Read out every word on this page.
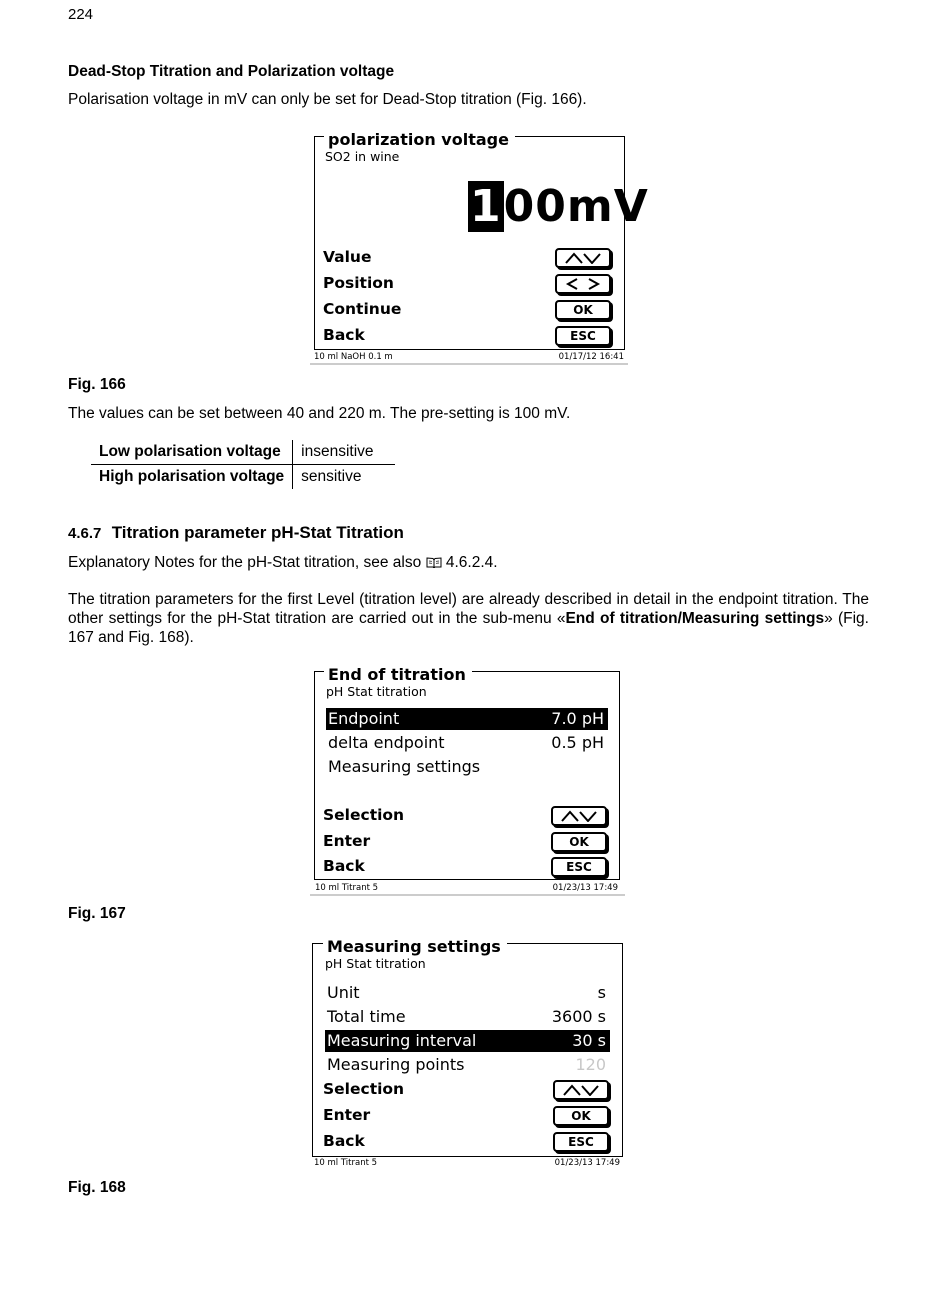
224
Dead-Stop Titration and Polarization voltage
Polarisation voltage in mV can only be set for Dead-Stop titration (Fig. 166).
polarization voltage
SO2 in wine
100mV
Value
Position
Continue	OK
Back	ESC
10 ml NaOH 0.1 m	01/17/12 16:41
Fig. 166
The values can be set between 40 and 220 m. The pre-setting is 100 mV.
Low polarisation voltage	insensitive
High polarisation voltage	sensitive
4.6.7 Titration parameter pH-Stat Titration
Explanatory Notes for the pH-Stat titration, see also 4.6.2.4.
The titration parameters for the first Level (titration level) are already described in detail in the endpoint titration. The other settings for the pH-Stat titration are carried out in the sub-menu «End of titration/Measuring settings» (Fig. 167 and Fig. 168).
End of titration
pH Stat titration
Endpoint	7.0 pH
delta endpoint	0.5 pH
Measuring settings
Selection
Enter	OK
Back	ESC
10 ml Titrant 5	01/23/13 17:49
Fig. 167
Measuring settings
pH Stat titration
Unit	s
Total time	3600 s
Measuring interval	30 s
Measuring points	120
Selection
Enter	OK
Back	ESC
10 ml Titrant 5	01/23/13 17:49
Fig. 168
